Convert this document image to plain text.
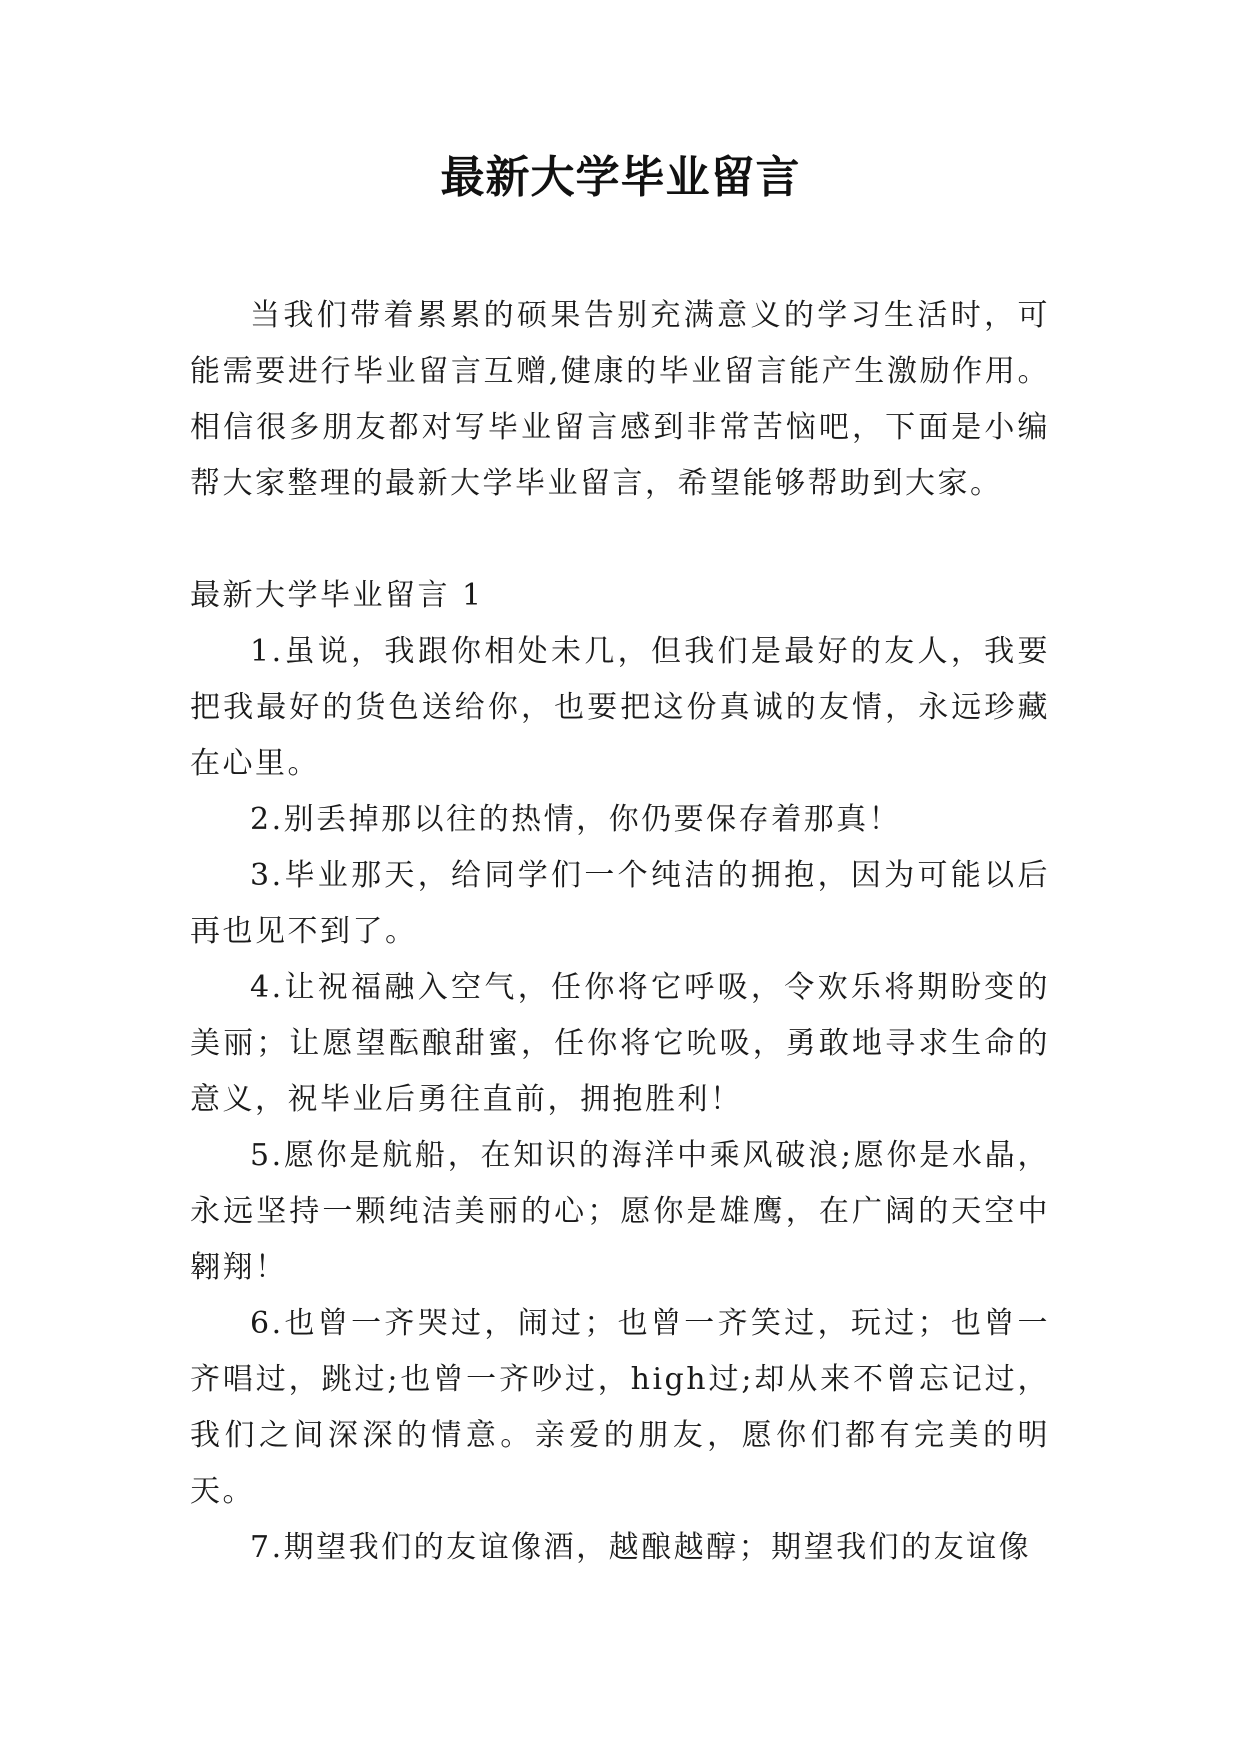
最新大学毕业留言

当我们带着累累的硕果告别充满意义的学习生活时，可能需要进行毕业留言互赠,健康的毕业留言能产生激励作用。相信很多朋友都对写毕业留言感到非常苦恼吧，下面是小编帮大家整理的最新大学毕业留言，希望能够帮助到大家。

最新大学毕业留言 1

1.虽说，我跟你相处未几，但我们是最好的友人，我要把我最好的货色送给你，也要把这份真诚的友情，永远珍藏在心里。

2.别丢掉那以往的热情，你仍要保存着那真！

3.毕业那天，给同学们一个纯洁的拥抱，因为可能以后再也见不到了。

4.让祝福融入空气，任你将它呼吸，令欢乐将期盼变的美丽；让愿望酝酿甜蜜，任你将它吮吸，勇敢地寻求生命的意义，祝毕业后勇往直前，拥抱胜利！

5.愿你是航船，在知识的海洋中乘风破浪;愿你是水晶，永远坚持一颗纯洁美丽的心；愿你是雄鹰，在广阔的天空中翱翔！

6.也曾一齐哭过，闹过；也曾一齐笑过，玩过；也曾一齐唱过，跳过;也曾一齐吵过，high过;却从来不曾忘记过，我们之间深深的情意。亲爱的朋友，愿你们都有完美的明天。

7.期望我们的友谊像酒，越酿越醇；期望我们的友谊像
